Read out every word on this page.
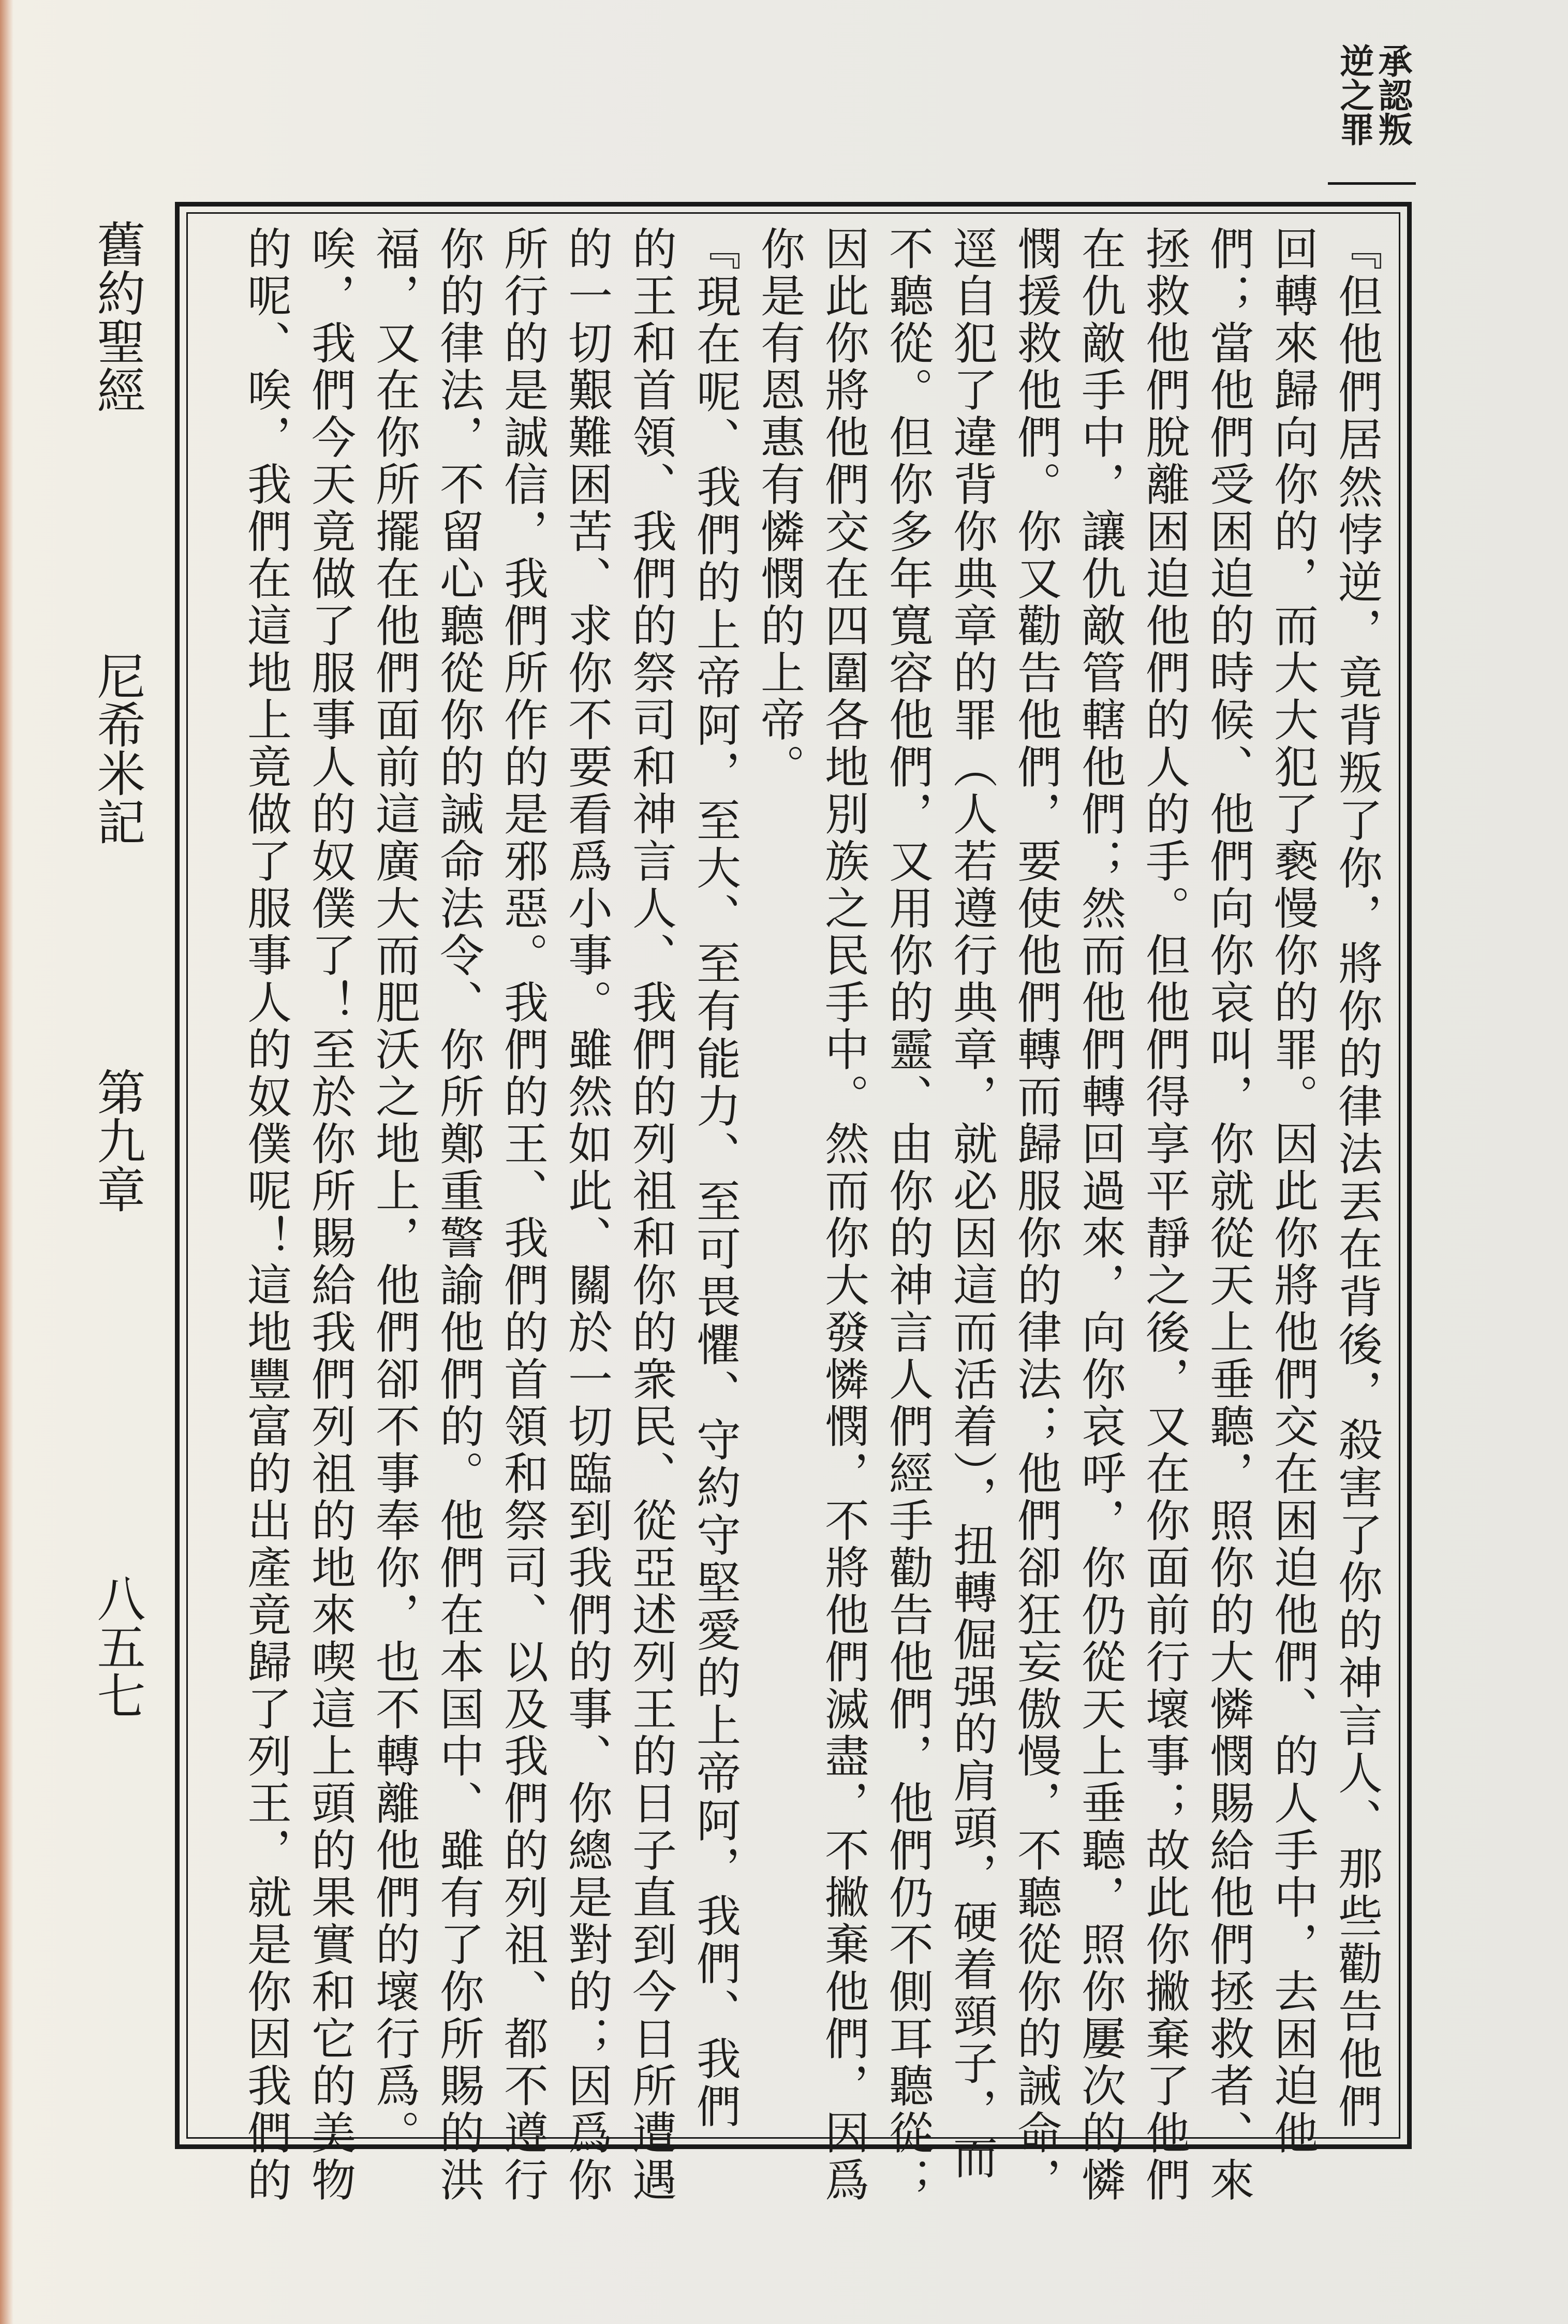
承認叛逆之罪
『但他們居然悖逆，竟背叛了你，將你的律法丟在背後，殺害了你的神言人、那些勸告他們
回轉來歸向你的，而大大犯了褻慢你的罪。因此你將他們交在困迫他們、的人手中，去困迫他
們；當他們受困迫的時候、他們向你哀叫，你就從天上垂聽，照你的大憐憫賜給他們拯救者、來
拯救他們脫離困迫他們的人的手。但他們得享平靜之後，又在你面前行壞事；故此你撇棄了他們
在仇敵手中，讓仇敵管轄他們；然而他們轉回過來，向你哀呼，你仍從天上垂聽，照你屢次的憐
憫援救他們。你又勸告他們，要使他們轉而歸服你的律法；他們卻狂妄傲慢，不聽從你的誡命，
逕自犯了違背你典章的罪（人若遵行典章，就必因這而活着），扭轉倔强的肩頭，硬着頸子，而
不聽從。但你多年寬容他們，又用你的靈、由你的神言人們經手勸告他們，他們仍不側耳聽從；
因此你將他們交在四圍各地別族之民手中。然而你大發憐憫，不將他們滅盡，不撇棄他們，因爲
你是有恩惠有憐憫的上帝。
『現在呢、我們的上帝阿，至大、至有能力、至可畏懼、守約守堅愛的上帝阿，我們、我們
的王和首領、我們的祭司和神言人、我們的列祖和你的衆民、從亞述列王的日子直到今日所遭遇
的一切艱難困苦、求你不要看爲小事。雖然如此、關於一切臨到我們的事、你總是對的；因爲你
所行的是誠信，我們所作的是邪惡。我們的王、我們的首領和祭司、以及我們的列祖、都不遵行
你的律法，不留心聽從你的誡命法令、你所鄭重警諭他們的。他們在本国中、雖有了你所賜的洪
福，又在你所擺在他們面前這廣大而肥沃之地上，他們卻不事奉你，也不轉離他們的壞行爲。
唉，我們今天竟做了服事人的奴僕了！至於你所賜給我們列祖的地來喫這上頭的果實和它的美物
的呢、唉，我們在這地上竟做了服事人的奴僕呢！這地豐富的出產竟歸了列王，就是你因我們的
舊約聖經
尼希米記
第九章
八五七
